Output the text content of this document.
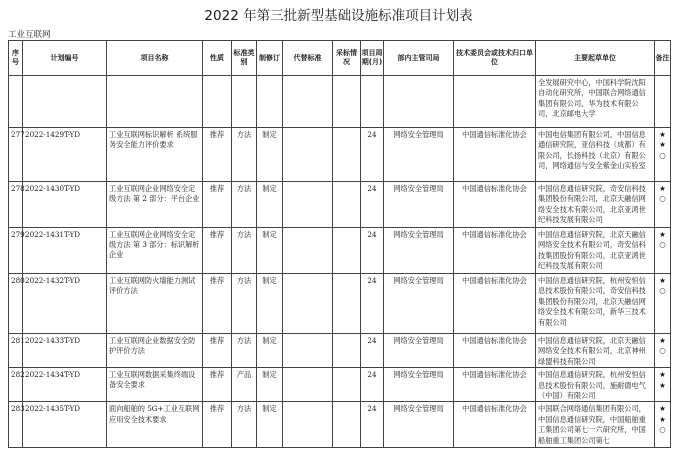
2022 年第三批新型基础设施标准项目计划表
工业互联网
序号	计划编号	项目名称	性质	标准类别	制修订	代替标准	采标情况	项目周期(月)	部内主管司局	技术委员会或技术归口单位	主要起草单位	备注
											全发展研究中心，中国科学院沈阳自动化研究所，中国联合网络通信集团有限公司，华为技术有限公司，北京邮电大学	
277.	2022-1429T-YD	工业互联网标识解析 系统服务安全能力评价要求	推荐	方法	制定			24	网络安全管理局	中国通信标准化协会	中国电信集团有限公司，中国信息通信研究院，亚信科技（成都）有限公司，长扬科技（北京）有限公司，网络通信与安全紫金山实验室	★
★
○

278.	2022-1430T-YD	工业互联网企业网络安全定级方法 第 2 部分：平台企业	推荐	方法	制定			24	网络安全管理局	中国通信标准化协会	中国信息通信研究院，奇安信科技集团股份有限公司，北京天融信网络安全技术有限公司，北京亚鸿世纪科技发展有限公司	★
○

279.	2022-1431T-YD	工业互联网企业网络安全定级方法 第 3 部分：标识解析企业	推荐	方法	制定			24	网络安全管理局	中国通信标准化协会	中国信息通信研究院，北京天融信网络安全技术有限公司，奇安信科技集团股份有限公司，北京亚鸿世纪科技发展有限公司	★
○

280.	2022-1432T-YD	工业互联网防火墙能力测试评价方法	推荐	方法	制定			24	网络安全管理局	中国通信标准化协会	中国信息通信研究院，杭州安恒信息技术股份有限公司，奇安信科技集团股份有限公司，北京天融信网络安全技术有限公司，新华三技术有限公司	★
○

281.	2022-1433T-YD	工业互联网企业数据安全防护评价方法	推荐	方法	制定			24	网络安全管理局	中国通信标准化协会	中国信息通信研究院，北京天融信网络安全技术有限公司，北京神州绿盟科技有限公司	★
○

282.	2022-1434T-YD	工业互联网数据采集终端设备安全要求	推荐	产品	制定			24	网络安全管理局	中国通信标准化协会	中国信息通信研究院，杭州安恒信息技术股份有限公司，施耐德电气（中国）有限公司	★
★

283.	2022-1435T-YD	面向船舶的 5G+工业互联网应用安全技术要求	推荐	方法	制定			24	网络安全管理局	中国通信标准化协会	中国联合网络通信集团有限公司，中国信息通信研究院，中国船舶重工集团公司第七一六研究所，中国船舶重工集团公司第七	★
★
○
